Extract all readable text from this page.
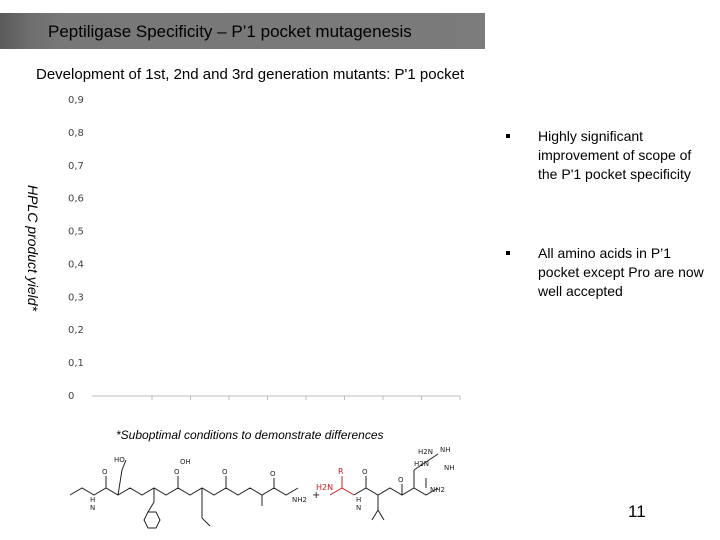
Peptiligase Specificity – P’1 pocket mutagenesis
Development of 1st, 2nd and 3rd generation mutants: P'1 pocket
0
0,1
0,2
0,3
0,4
0,5
0,6
0,7
0,8
0,9
HPLC product yield*
Highly significant improvement of scope of the P'1 pocket specificity
All amino acids in P’1 pocket except Pro are now well accepted
*Suboptimal conditions to demonstrate differences
HO
O
OH
O
H
N
O	O
NH2 +
H2N
R	O
H
N
O
NH2
H2N NH
NH
H2N
11
